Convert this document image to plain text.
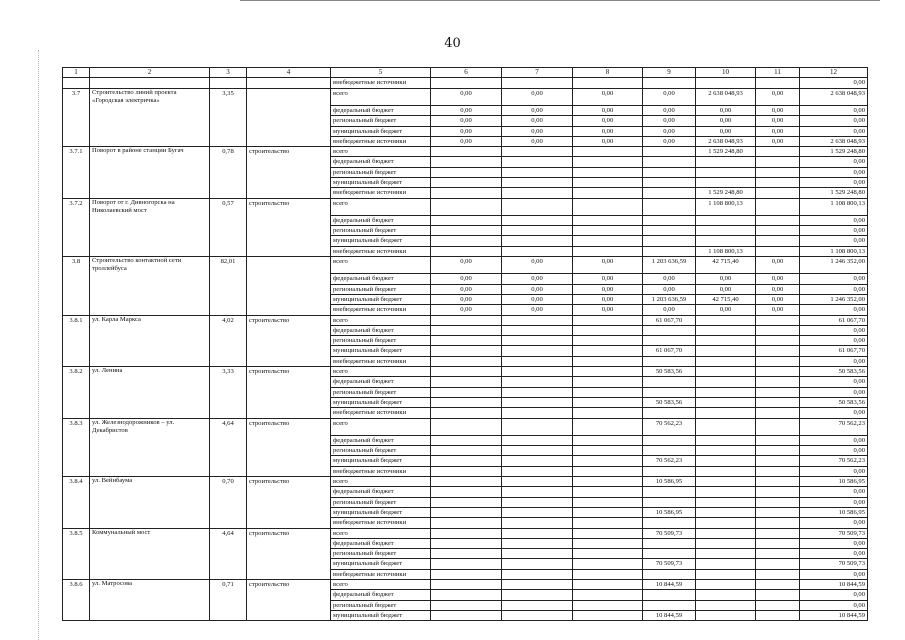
40
1	2	3	4	5	6	7	8	9	10	11	12
				внебюджетные источники							0,00
3.7	Строительство линий проекта «Городская электричка»	3,35		всего	0,00	0,00	0,00	0,00	2 638 048,93	0,00	2 638 048,93
				федеральный бюджет	0,00	0,00	0,00	0,00	0,00	0,00	0,00
				региональный бюджет	0,00	0,00	0,00	0,00	0,00	0,00	0,00
				муниципальный бюджет	0,00	0,00	0,00	0,00	0,00	0,00	0,00
				внебюджетные источники	0,00	0,00	0,00	0,00	2 638 048,93	0,00	2 638 048,93
3.7.1	Поворот в районе станции Бугач	0,78	строительство	всего					1 529 248,80		1 529 248,80
				федеральный бюджет							0,00
				региональный бюджет							0,00
				муниципальный бюджет							0,00
				внебюджетные источники					1 529 248,80		1 529 248,80
3.7.2	Поворот от г. Дивногорска на Николаевский мост	0,57	строительство	всего					1 108 800,13		1 108 800,13
				федеральный бюджет							0,00
				региональный бюджет							0,00
				муниципальный бюджет							0,00
				внебюджетные источники					1 108 800,13		1 108 800,13
3.8	Строительство контактной сети троллейбуса	82,01		всего	0,00	0,00	0,00	1 203 636,59	42 715,40	0,00	1 246 352,00
				федеральный бюджет	0,00	0,00	0,00	0,00	0,00	0,00	0,00
				региональный бюджет	0,00	0,00	0,00	0,00	0,00	0,00	0,00
				муниципальный бюджет	0,00	0,00	0,00	1 203 636,59	42 715,40	0,00	1 246 352,00
				внебюджетные источники	0,00	0,00	0,00	0,00	0,00	0,00	0,00
3.8.1	ул. Карла Маркса	4,02	строительство	всего				61 067,70			61 067,70
				федеральный бюджет							0,00
				региональный бюджет							0,00
				муниципальный бюджет				61 067,70			61 067,70
				внебюджетные источники							0,00
3.8.2	ул. Ленина	3,33	строительство	всего				50 583,56			50 583,56
				федеральный бюджет							0,00
				региональный бюджет							0,00
				муниципальный бюджет				50 583,56			50 583,56
				внебюджетные источники							0,00
3.8.3	ул. Железнодорожников – ул. Декабристов	4,64	строительство	всего				70 562,23			70 562,23
				федеральный бюджет							0,00
				региональный бюджет							0,00
				муниципальный бюджет				70 562,23			70 562,23
				внебюджетные источники							0,00
3.8.4	ул. Вейнбаума	0,70	строительство	всего				10 586,95			10 586,95
				федеральный бюджет							0,00
				региональный бюджет							0,00
				муниципальный бюджет				10 586,95			10 586,95
				внебюджетные источники							0,00
3.8.5	Коммунальный мост	4,64	строительство	всего				70 509,73			70 509,73
				федеральный бюджет							0,00
				региональный бюджет							0,00
				муниципальный бюджет				70 509,73			70 509,73
				внебюджетные источники							0,00
3.8.6	ул. Матросова	0,71	строительство	всего				10 844,59			10 844,59
				федеральный бюджет							0,00
				региональный бюджет							0,00
				муниципальный бюджет				10 844,59			10 844,59
